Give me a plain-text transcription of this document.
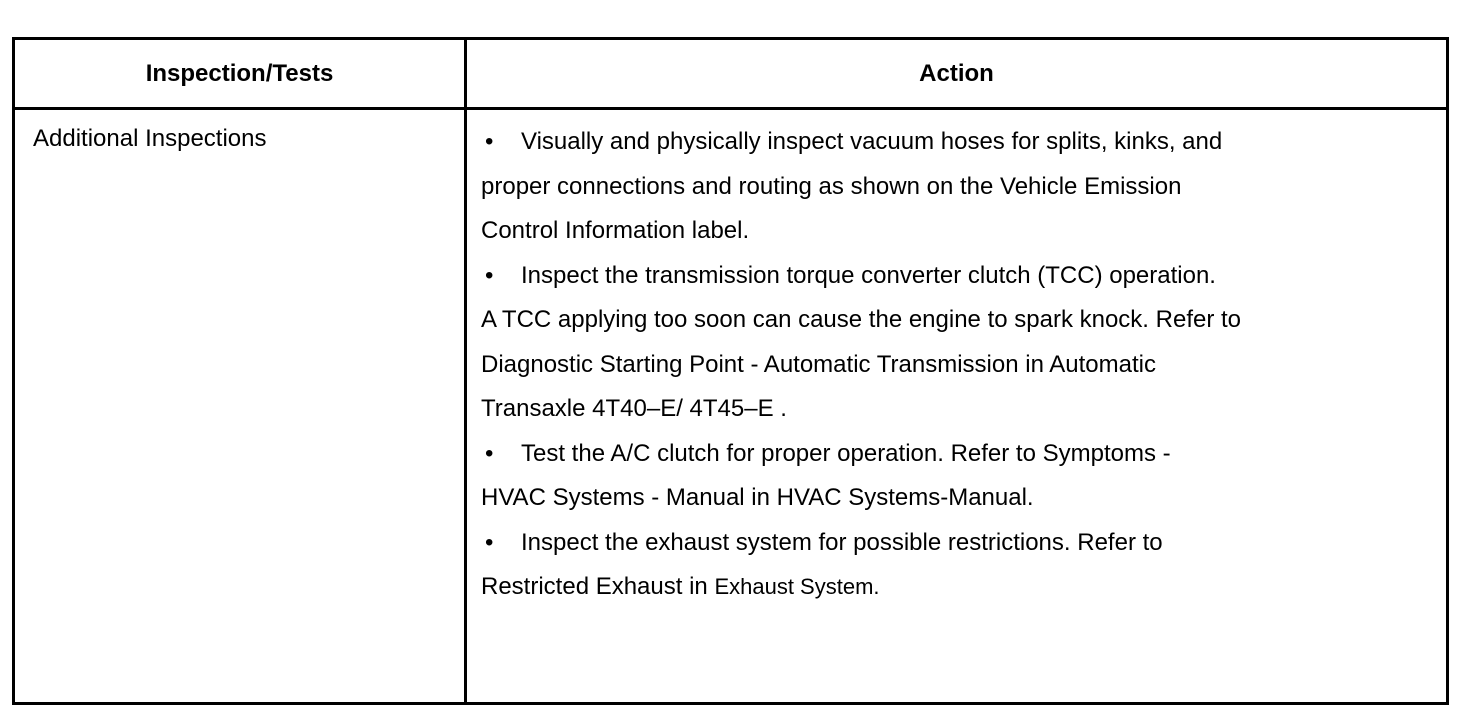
Inspection/Tests	Action
Additional Inspections	• Visually and physically inspect vacuum hoses for splits, kinks, and
proper connections and routing as shown on the Vehicle Emission
Control Information label.
• Inspect the transmission torque converter clutch (TCC) operation.
A TCC applying too soon can cause the engine to spark knock. Refer to
Diagnostic Starting Point - Automatic Transmission in Automatic
Transaxle 4T40–E/ 4T45–E .
• Test the A/C clutch for proper operation. Refer to Symptoms -
HVAC Systems - Manual in HVAC Systems-Manual.
• Inspect the exhaust system for possible restrictions. Refer to
Restricted Exhaust in Exhaust System.
